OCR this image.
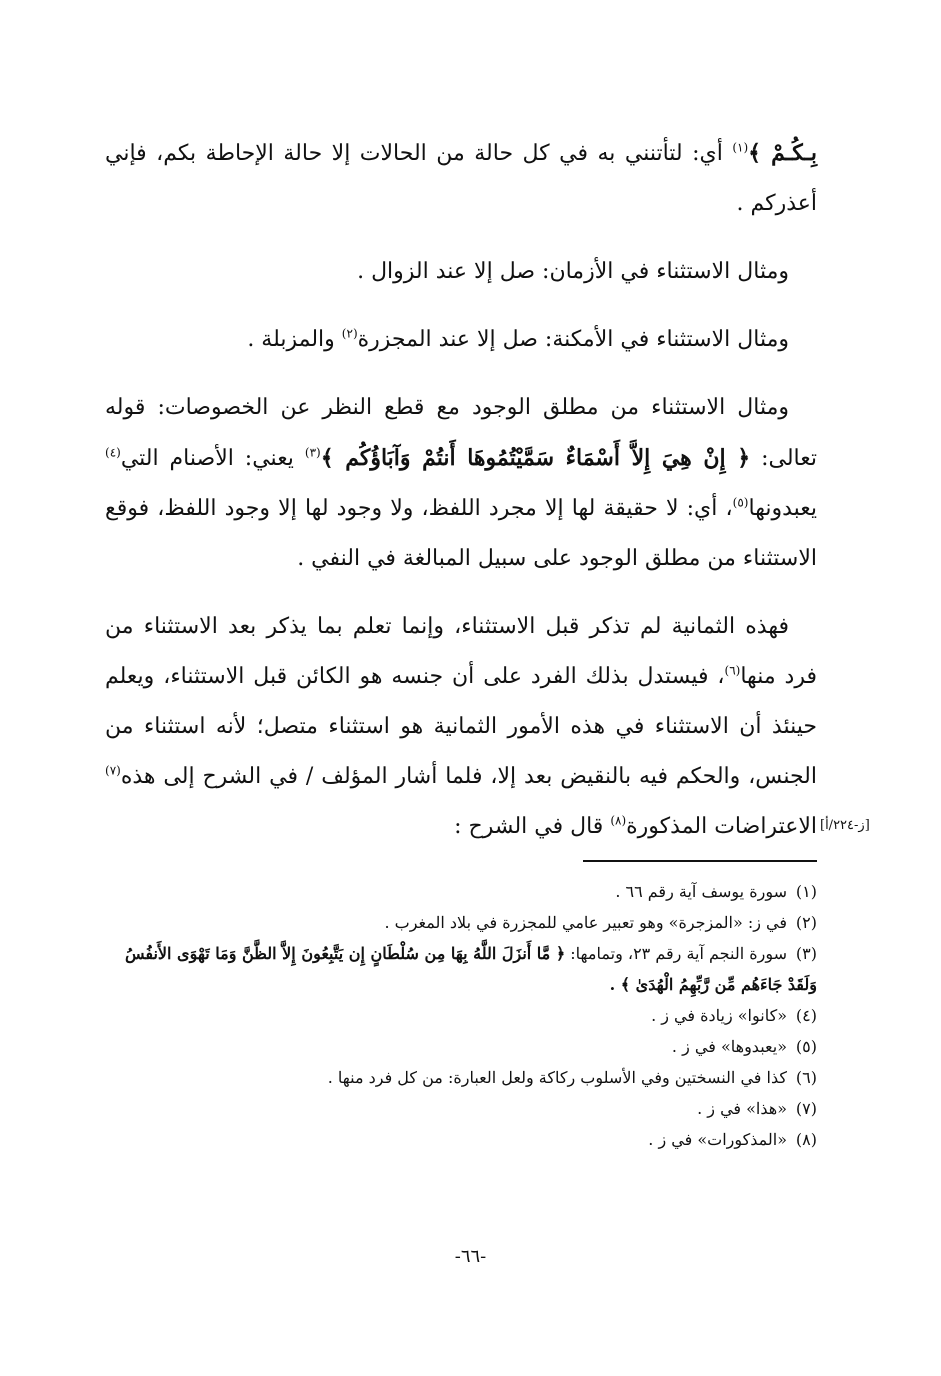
بِـكُـمْ ﴾$^{(١)}$ أي: لتأتنني به في كل حالة من الحالات إلا حالة الإحاطة بكم، فإني أعذركم .

ومثال الاستثناء في الأزمان: صل إلا عند الزوال .

ومثال الاستثناء في الأمكنة: صل إلا عند المجزرة$^{(٢)}$ والمزبلة .

ومثال الاستثناء من مطلق الوجود مع قطع النظر عن الخصوصات: قوله تعالى: ﴿ إِنْ هِيَ إِلاَّ أَسْمَاءٌ سَمَّيْتُمُوهَا أَنتُمْ وَآبَاؤُكُم ﴾$^{(٣)}$ يعني: الأصنام التي$^{(٤)}$ يعبدونها$^{(٥)}$، أي: لا حقيقة لها إلا مجرد اللفظ، ولا وجود لها إلا وجود اللفظ، فوقع الاستثناء من مطلق الوجود على سبيل المبالغة في النفي .

فهذه الثمانية لم تذكر قبل الاستثناء، وإنما تعلم بما يذكر بعد الاستثناء من فرد منها$^{(٦)}$، فيستدل بذلك الفرد على أن جنسه هو الكائن قبل الاستثناء، ويعلم حينئذ أن الاستثناء في هذه الأمور الثمانية هو استثناء متصل؛ لأنه استثناء من الجنس، والحكم فيه بالنقيض بعد إلا، فلما أشار المؤلف / في الشرح إلى هذه$^{(٧)}$ الاعتراضات المذكورة$^{(٨)}$ قال في الشرح :	[ز-٢٢٤/أ]

(١)سورة يوسف آية رقم ٦٦ .

(٢)في ز: «المزجرة» وهو تعبير عامي للمجزرة في بلاد المغرب .

(٣)سورة النجم آية رقم ٢٣، وتمامها: ﴿ مَّا أَنزَلَ اللَّهُ بِهَا مِن سُلْطَانٍ إِن يَتَّبِعُونَ إِلاَّ الظَّنَّ وَمَا تَهْوَى الأَنفُسُ وَلَقَدْ جَاءَهُم مِّن رَّبِّهِمُ الْهُدَىٰ ﴾ .

(٤)«كانوا» زيادة في ز .

(٥)«يعبدوها» في ز .

(٦)كذا في النسختين وفي الأسلوب ركاكة ولعل العبارة: من كل فرد منها .

(٧)«هذا» في ز .

(٨)«المذكورات» في ز .

-٦٦-
